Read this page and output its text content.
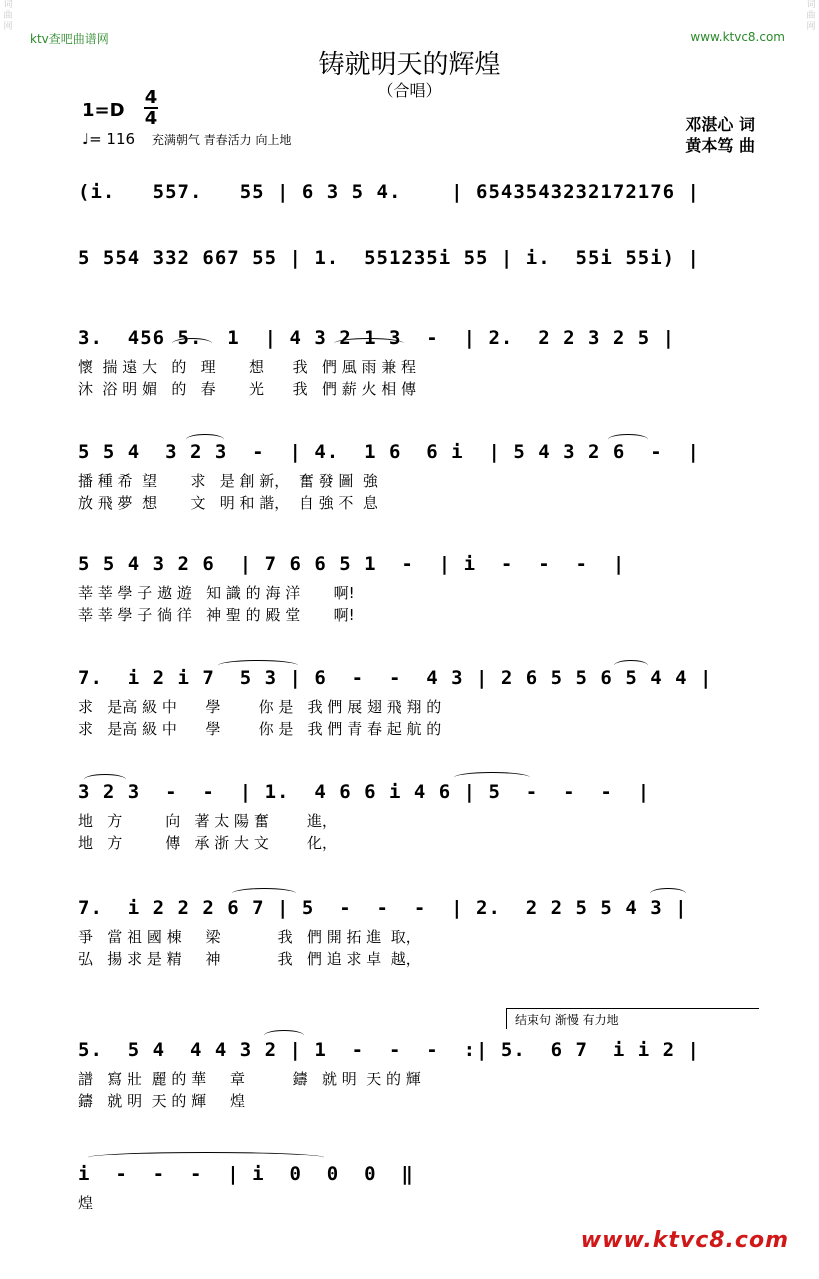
词
曲
网
词
曲
网
ktv查吧曲谱网	www.ktvc8.com
铸就明天的辉煌
（合唱）
1=D
4
4
♩= 116 充满朝气 青春活力 向上地
邓湛心 词
黄本笃 曲
(i.   557.   55 | 6 3 5 4.    | 6543543232172176 |
5 554 332 667 55 | 1.  551235i 55 | i.  55i 55i) |
3.  456 5.  1  | 4 3 2 1 3  -  | 2.  2 2 3 2 5 |
懷  揣 遠 大   的   理       想      我   們 風 雨 兼 程
沐  浴 明 媚   的   春       光      我   們 薪 火 相 傳
5 5 4  3 2 3  -  | 4.  1 6  6 i  | 5 4 3 2 6  -  |
播 種 希  望       求   是 創 新，  奮 發 圖  強
放 飛 夢  想       文   明 和 諧，  自 強 不  息
5 5 4 3 2 6  | 7 6 6 5 1  -  | i  -  -  -  |
莘 莘 學 子 遨 遊   知 識 的 海 洋       啊!
莘 莘 學 子 徜 徉   神 聖 的 殿 堂       啊!
7.  i 2 i 7  5 3 | 6  -  -  4 3 | 2 6 5 5 6 5 4 4 |
求   是高 級 中      學        你 是   我 們 展 翅 飛 翔 的
求   是高 級 中      學        你 是   我 們 青 春 起 航 的
3 2 3  -  -  | 1.  4 6 6 i 4 6 | 5  -  -  -  |
地   方         向   著 太 陽 奮        進，
地   方         傳   承 浙 大 文        化，
7.  i 2 2 2 6 7 | 5  -  -  -  | 2.  2 2 5 5 4 3 |
爭   當 祖 國 棟     梁            我   們 開 拓 進  取，
弘   揚 求 是 精     神            我   們 追 求 卓  越，
结束句 渐慢 有力地
5.  5 4  4 4 3 2 | 1  -  -  -  :| 5.  6 7  i i 2 |
譜   寫 壯  麗 的 華     章          鑄   就 明  天 的 輝
鑄   就 明  天 的 輝     煌
i  -  -  -  | i  0  0  0  ‖
煌
www.ktvc8.com
